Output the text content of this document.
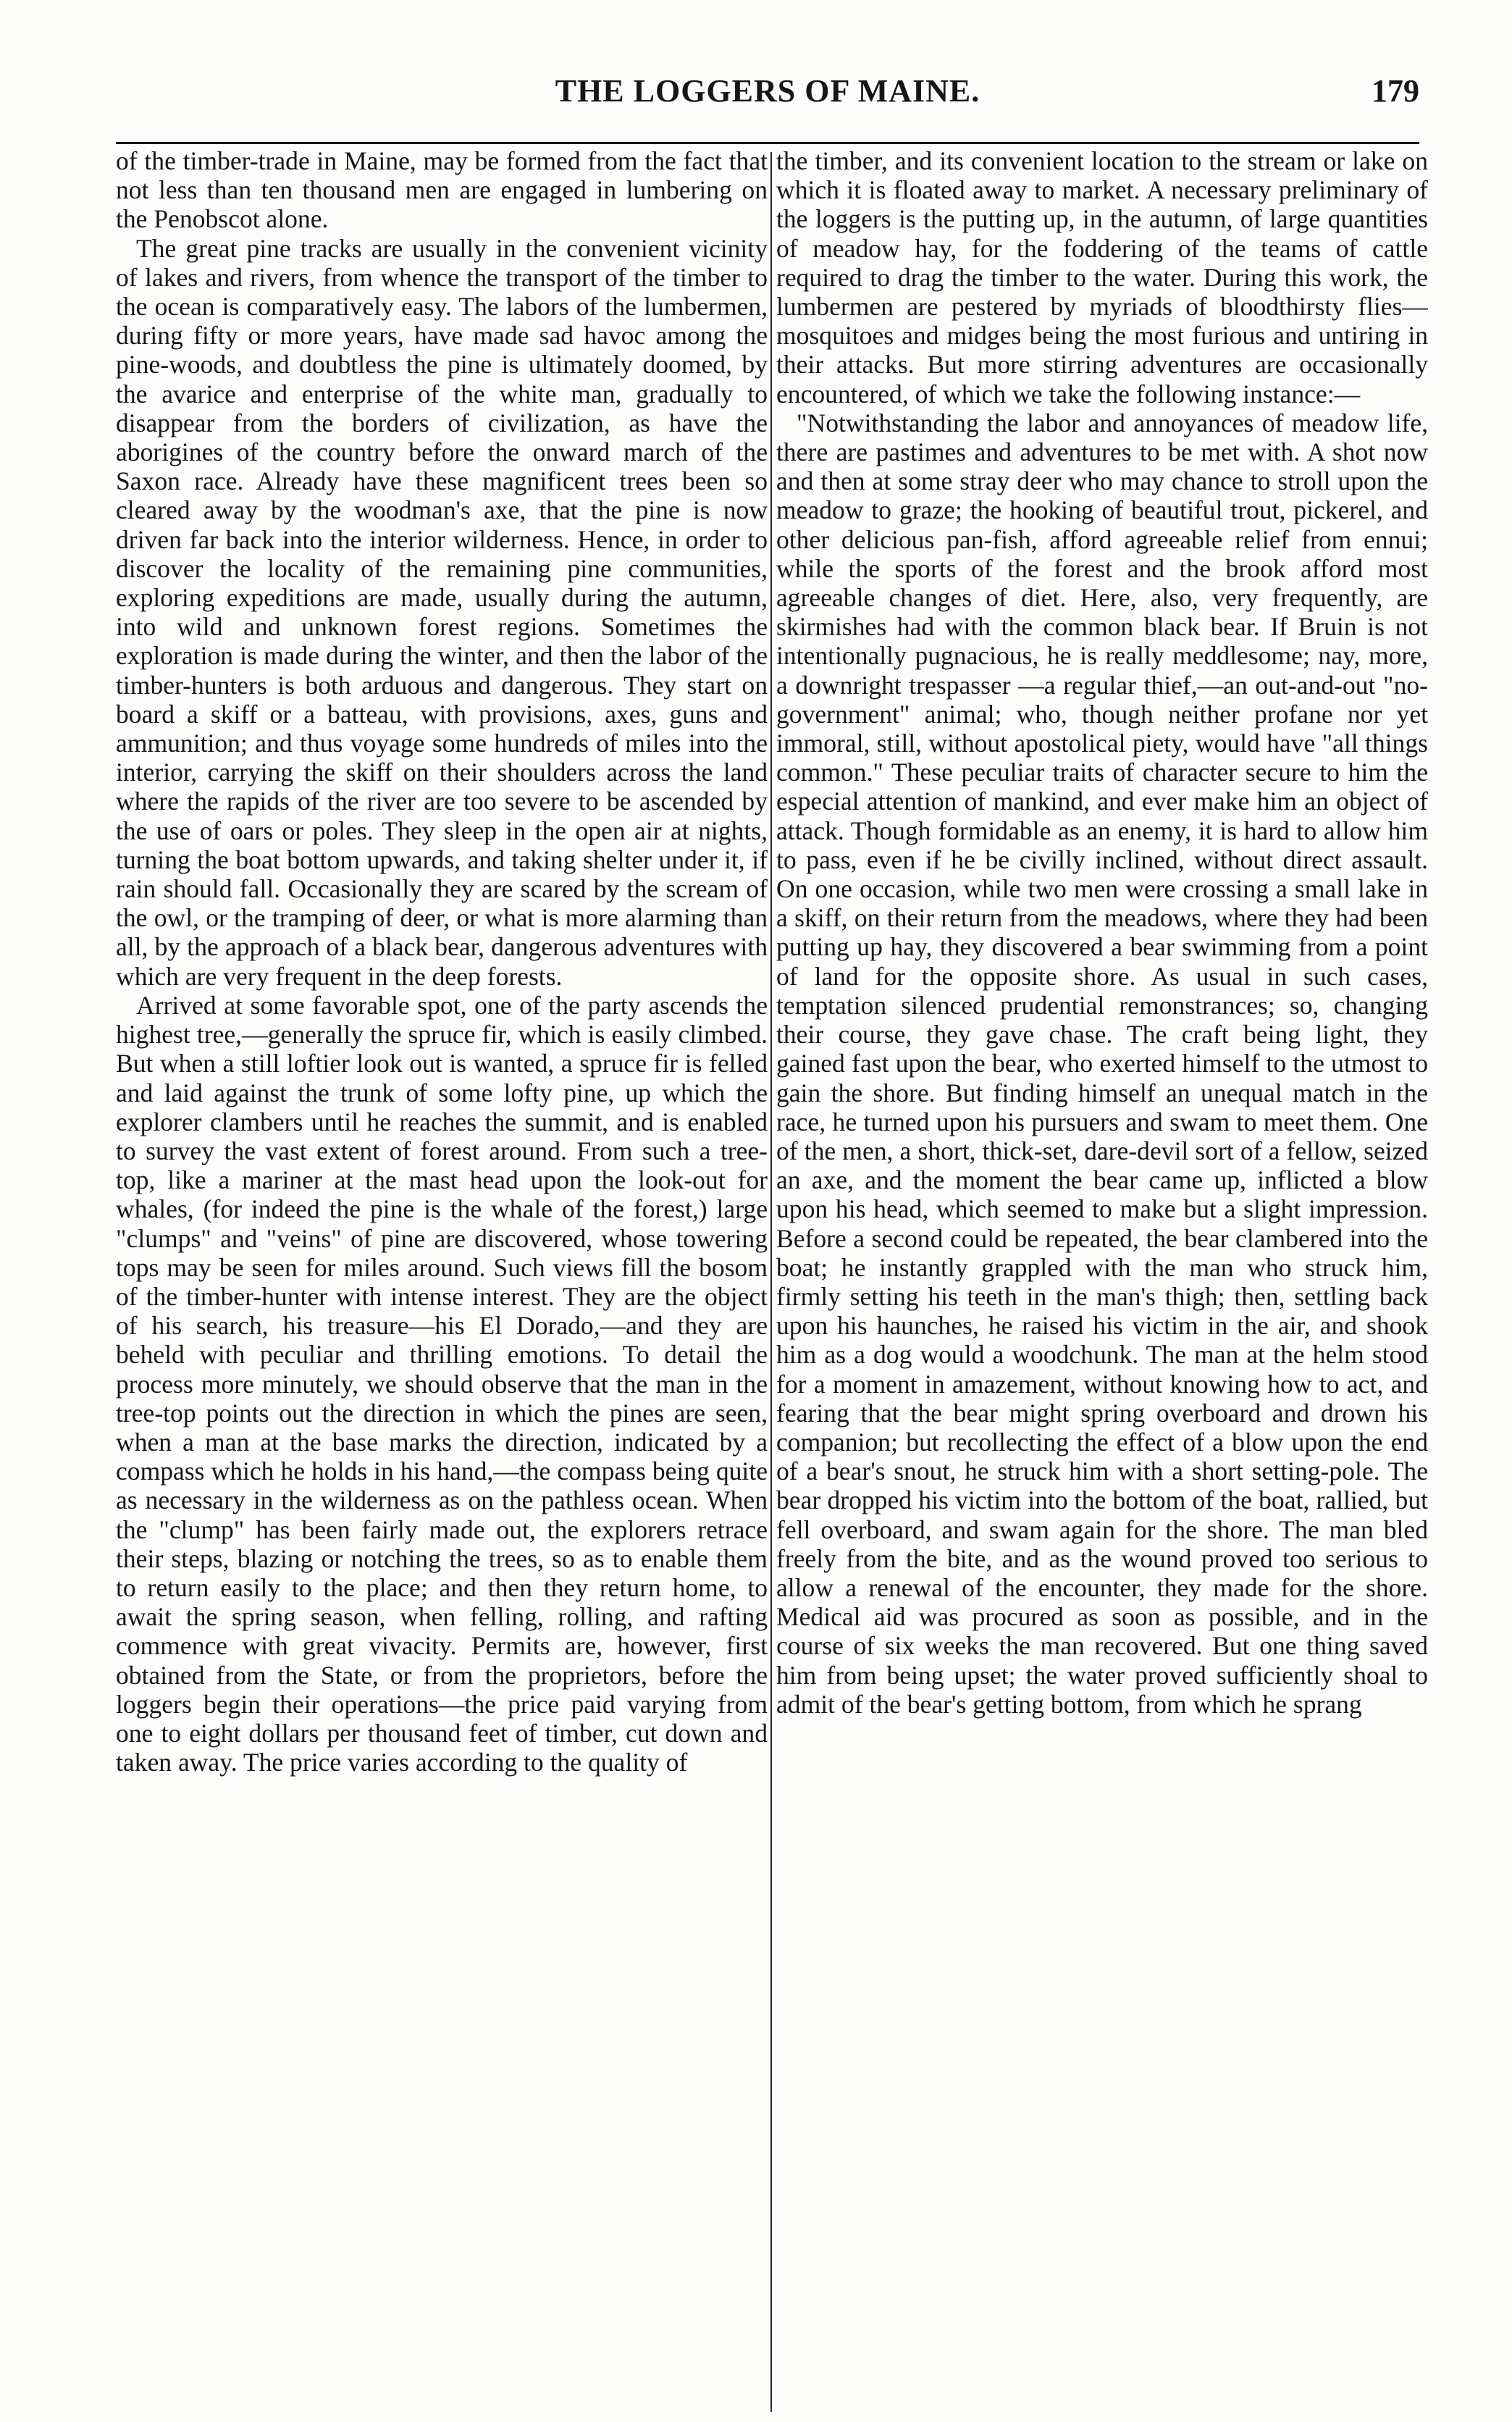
THE LOGGERS OF MAINE.	179

of the timber-trade in Maine, may be formed from the fact that not less than ten thousand men are engaged in lumbering on the Penobscot alone.

The great pine tracks are usually in the convenient vicinity of lakes and rivers, from whence the transport of the timber to the ocean is comparatively easy. The labors of the lumbermen, during fifty or more years, have made sad havoc among the pine-woods, and doubtless the pine is ultimately doomed, by the avarice and enterprise of the white man, gradually to disappear from the borders of civilization, as have the aborigines of the country before the onward march of the Saxon race. Already have these magnificent trees been so cleared away by the woodman's axe, that the pine is now driven far back into the interior wilderness. Hence, in order to discover the locality of the remaining pine communities, exploring expeditions are made, usually during the autumn, into wild and unknown forest regions. Sometimes the exploration is made during the winter, and then the labor of the timber-hunters is both arduous and dangerous. They start on board a skiff or a batteau, with provisions, axes, guns and ammunition; and thus voyage some hundreds of miles into the interior, carrying the skiff on their shoulders across the land where the rapids of the river are too severe to be ascended by the use of oars or poles. They sleep in the open air at nights, turning the boat bottom upwards, and taking shelter under it, if rain should fall. Occasionally they are scared by the scream of the owl, or the tramping of deer, or what is more alarming than all, by the approach of a black bear, dangerous adventures with which are very frequent in the deep forests.

Arrived at some favorable spot, one of the party ascends the highest tree,—generally the spruce fir, which is easily climbed. But when a still loftier look out is wanted, a spruce fir is felled and laid against the trunk of some lofty pine, up which the explorer clambers until he reaches the summit, and is enabled to survey the vast extent of forest around. From such a tree-top, like a mariner at the mast head upon the look-out for whales, (for indeed the pine is the whale of the forest,) large "clumps" and "veins" of pine are discovered, whose towering tops may be seen for miles around. Such views fill the bosom of the timber-hunter with intense interest. They are the object of his search, his treasure—his El Dorado,—and they are beheld with peculiar and thrilling emotions. To detail the process more minutely, we should observe that the man in the tree-top points out the direction in which the pines are seen, when a man at the base marks the direction, indicated by a compass which he holds in his hand,—the compass being quite as necessary in the wilderness as on the pathless ocean. When the "clump" has been fairly made out, the explorers retrace their steps, blazing or notching the trees, so as to enable them to return easily to the place; and then they return home, to await the spring season, when felling, rolling, and rafting commence with great vivacity. Permits are, however, first obtained from the State, or from the proprietors, before the loggers begin their operations—the price paid varying from one to eight dollars per thousand feet of timber, cut down and taken away. The price varies according to the quality of

the timber, and its convenient location to the stream or lake on which it is floated away to market. A necessary preliminary of the loggers is the putting up, in the autumn, of large quantities of meadow hay, for the foddering of the teams of cattle required to drag the timber to the water. During this work, the lumbermen are pestered by myriads of bloodthirsty flies—mosquitoes and midges being the most furious and untiring in their attacks. But more stirring adventures are occasionally encountered, of which we take the following instance:—

"Notwithstanding the labor and annoyances of meadow life, there are pastimes and adventures to be met with. A shot now and then at some stray deer who may chance to stroll upon the meadow to graze; the hooking of beautiful trout, pickerel, and other delicious pan-fish, afford agreeable relief from ennui; while the sports of the forest and the brook afford most agreeable changes of diet. Here, also, very frequently, are skirmishes had with the common black bear. If Bruin is not intentionally pugnacious, he is really meddlesome; nay, more, a downright trespasser —a regular thief,—an out-and-out "no-government" animal; who, though neither profane nor yet immoral, still, without apostolical piety, would have "all things common." These peculiar traits of character secure to him the especial attention of mankind, and ever make him an object of attack. Though formidable as an enemy, it is hard to allow him to pass, even if he be civilly inclined, without direct assault. On one occasion, while two men were crossing a small lake in a skiff, on their return from the meadows, where they had been putting up hay, they discovered a bear swimming from a point of land for the opposite shore. As usual in such cases, temptation silenced prudential remonstrances; so, changing their course, they gave chase. The craft being light, they gained fast upon the bear, who exerted himself to the utmost to gain the shore. But finding himself an unequal match in the race, he turned upon his pursuers and swam to meet them. One of the men, a short, thick-set, dare-devil sort of a fellow, seized an axe, and the moment the bear came up, inflicted a blow upon his head, which seemed to make but a slight impression. Before a second could be repeated, the bear clambered into the boat; he instantly grappled with the man who struck him, firmly setting his teeth in the man's thigh; then, settling back upon his haunches, he raised his victim in the air, and shook him as a dog would a woodchunk. The man at the helm stood for a moment in amazement, without knowing how to act, and fearing that the bear might spring overboard and drown his companion; but recollecting the effect of a blow upon the end of a bear's snout, he struck him with a short setting-pole. The bear dropped his victim into the bottom of the boat, rallied, but fell overboard, and swam again for the shore. The man bled freely from the bite, and as the wound proved too serious to allow a renewal of the encounter, they made for the shore. Medical aid was procured as soon as possible, and in the course of six weeks the man recovered. But one thing saved him from being upset; the water proved sufficiently shoal to admit of the bear's getting bottom, from which he sprang
